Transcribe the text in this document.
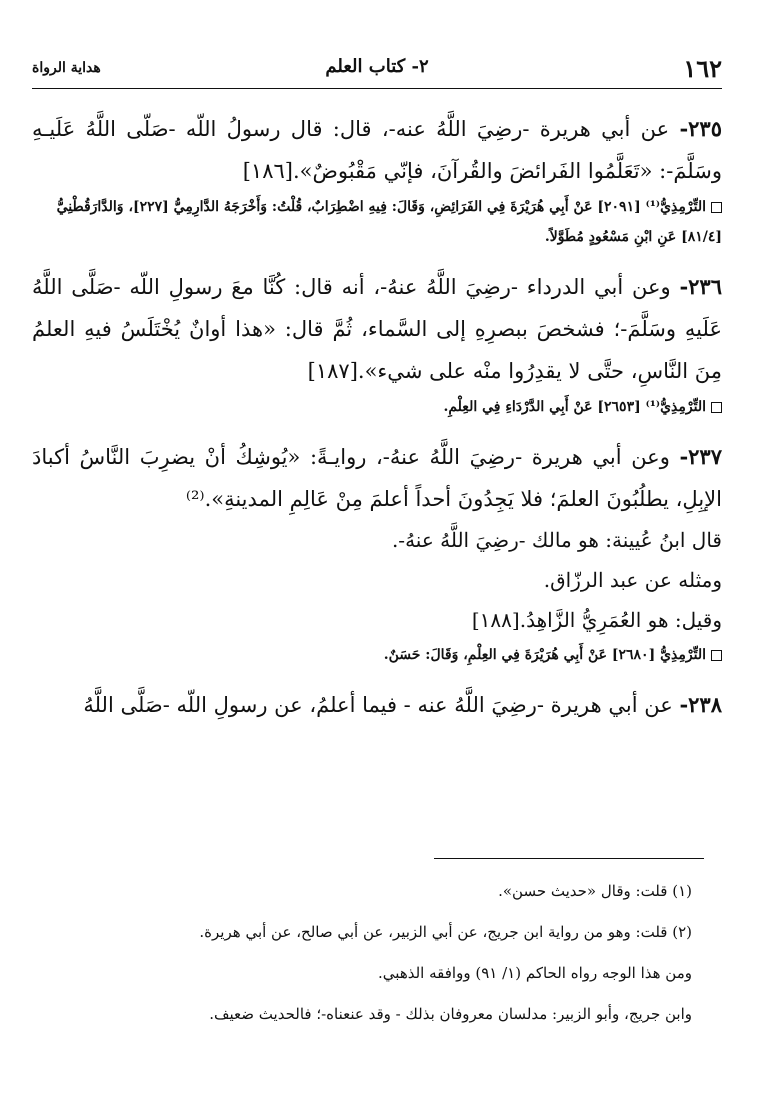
١٦٢
٢- كتاب العلم
هداية الرواة

٢٣٥- عن أبي هريرة -رضِيَ اللَّهُ عنه-، قال: قال رسولُ اللّه -صَلّى اللَّهُ عَلَيـهِ وسَلَّمَ-: «تَعَلَّمُوا الفَرائضَ والقُرآنَ، فإنّي مَقْبُوضٌ».[١٨٦]

التِّرْمِذِيُّ⁽¹⁾ [٢٠٩١] عَنْ أَبِي هُرَيْرَةَ فِي الفَرَائِضِ، وَقَالَ: فِيهِ اضْطِرَابٌ، قُلْتُ: وَأَخْرَجَهُ الدَّارِمِيُّ [٢٢٧]، وَالدَّارَقُطْنِيُّ [٨١/٤] عَنِ ابْنِ مَسْعُودٍ مُطَوَّلاً.

٢٣٦- وعن أبي الدرداء -رضِيَ اللَّهُ عنهُ-، أنه قال: كُنَّا معَ رسولِ اللّه -صَلَّى اللَّهُ عَلَيهِ وسَلَّمَ-؛ فشخصَ ببصرِهِ إلى السَّماء، ثُمَّ قال: «هذا أوانٌ يُخْتَلَسُ فيهِ العلمُ مِنَ النَّاسِ، حتَّى لا يقدِرُوا منْه على شيء».[١٨٧]

التِّرْمِذِيُّ⁽¹⁾ [٢٦٥٣] عَنْ أَبِي الدَّرْدَاءِ فِي العِلْمِ.

٢٣٧- وعن أبي هريرة -رضِيَ اللَّهُ عنهُ-، روايـةً: «يُوشِكُ أنْ يضرِبَ النَّاسُ أكبادَ الإبِلِ، يطلُبُونَ العلمَ؛ فلا يَجِدُونَ أحداً أعلمَ مِنْ عَالِمِ المدينةِ».⁽²⁾

قال ابنُ عُيينة: هو مالك -رضِيَ اللَّهُ عنهُ-.

ومثله عن عبد الرزّاق.

وقيل: هو العُمَرِيُّ الزَّاهِدُ.[١٨٨]

التِّرْمِذِيُّ [٢٦٨٠] عَنْ أَبِي هُرَيْرَةَ فِي العِلْمِ، وَقَالَ: حَسَنٌ.

٢٣٨- عن أبي هريرة -رضِيَ اللَّهُ عنه - فيما أعلمُ، عن رسولِ اللّه -صَلَّى اللَّهُ

(١) قلت: وقال «حديث حسن».

(٢) قلت: وهو من رواية ابن جريج، عن أبي الزبير، عن أبي صالح، عن أبي هريرة.

ومن هذا الوجه رواه الحاكم (١/ ٩١) ووافقه الذهبي.

وابن جريج، وأبو الزبير: مدلسان معروفان بذلك - وقد عنعناه-؛ فالحديث ضعيف.
